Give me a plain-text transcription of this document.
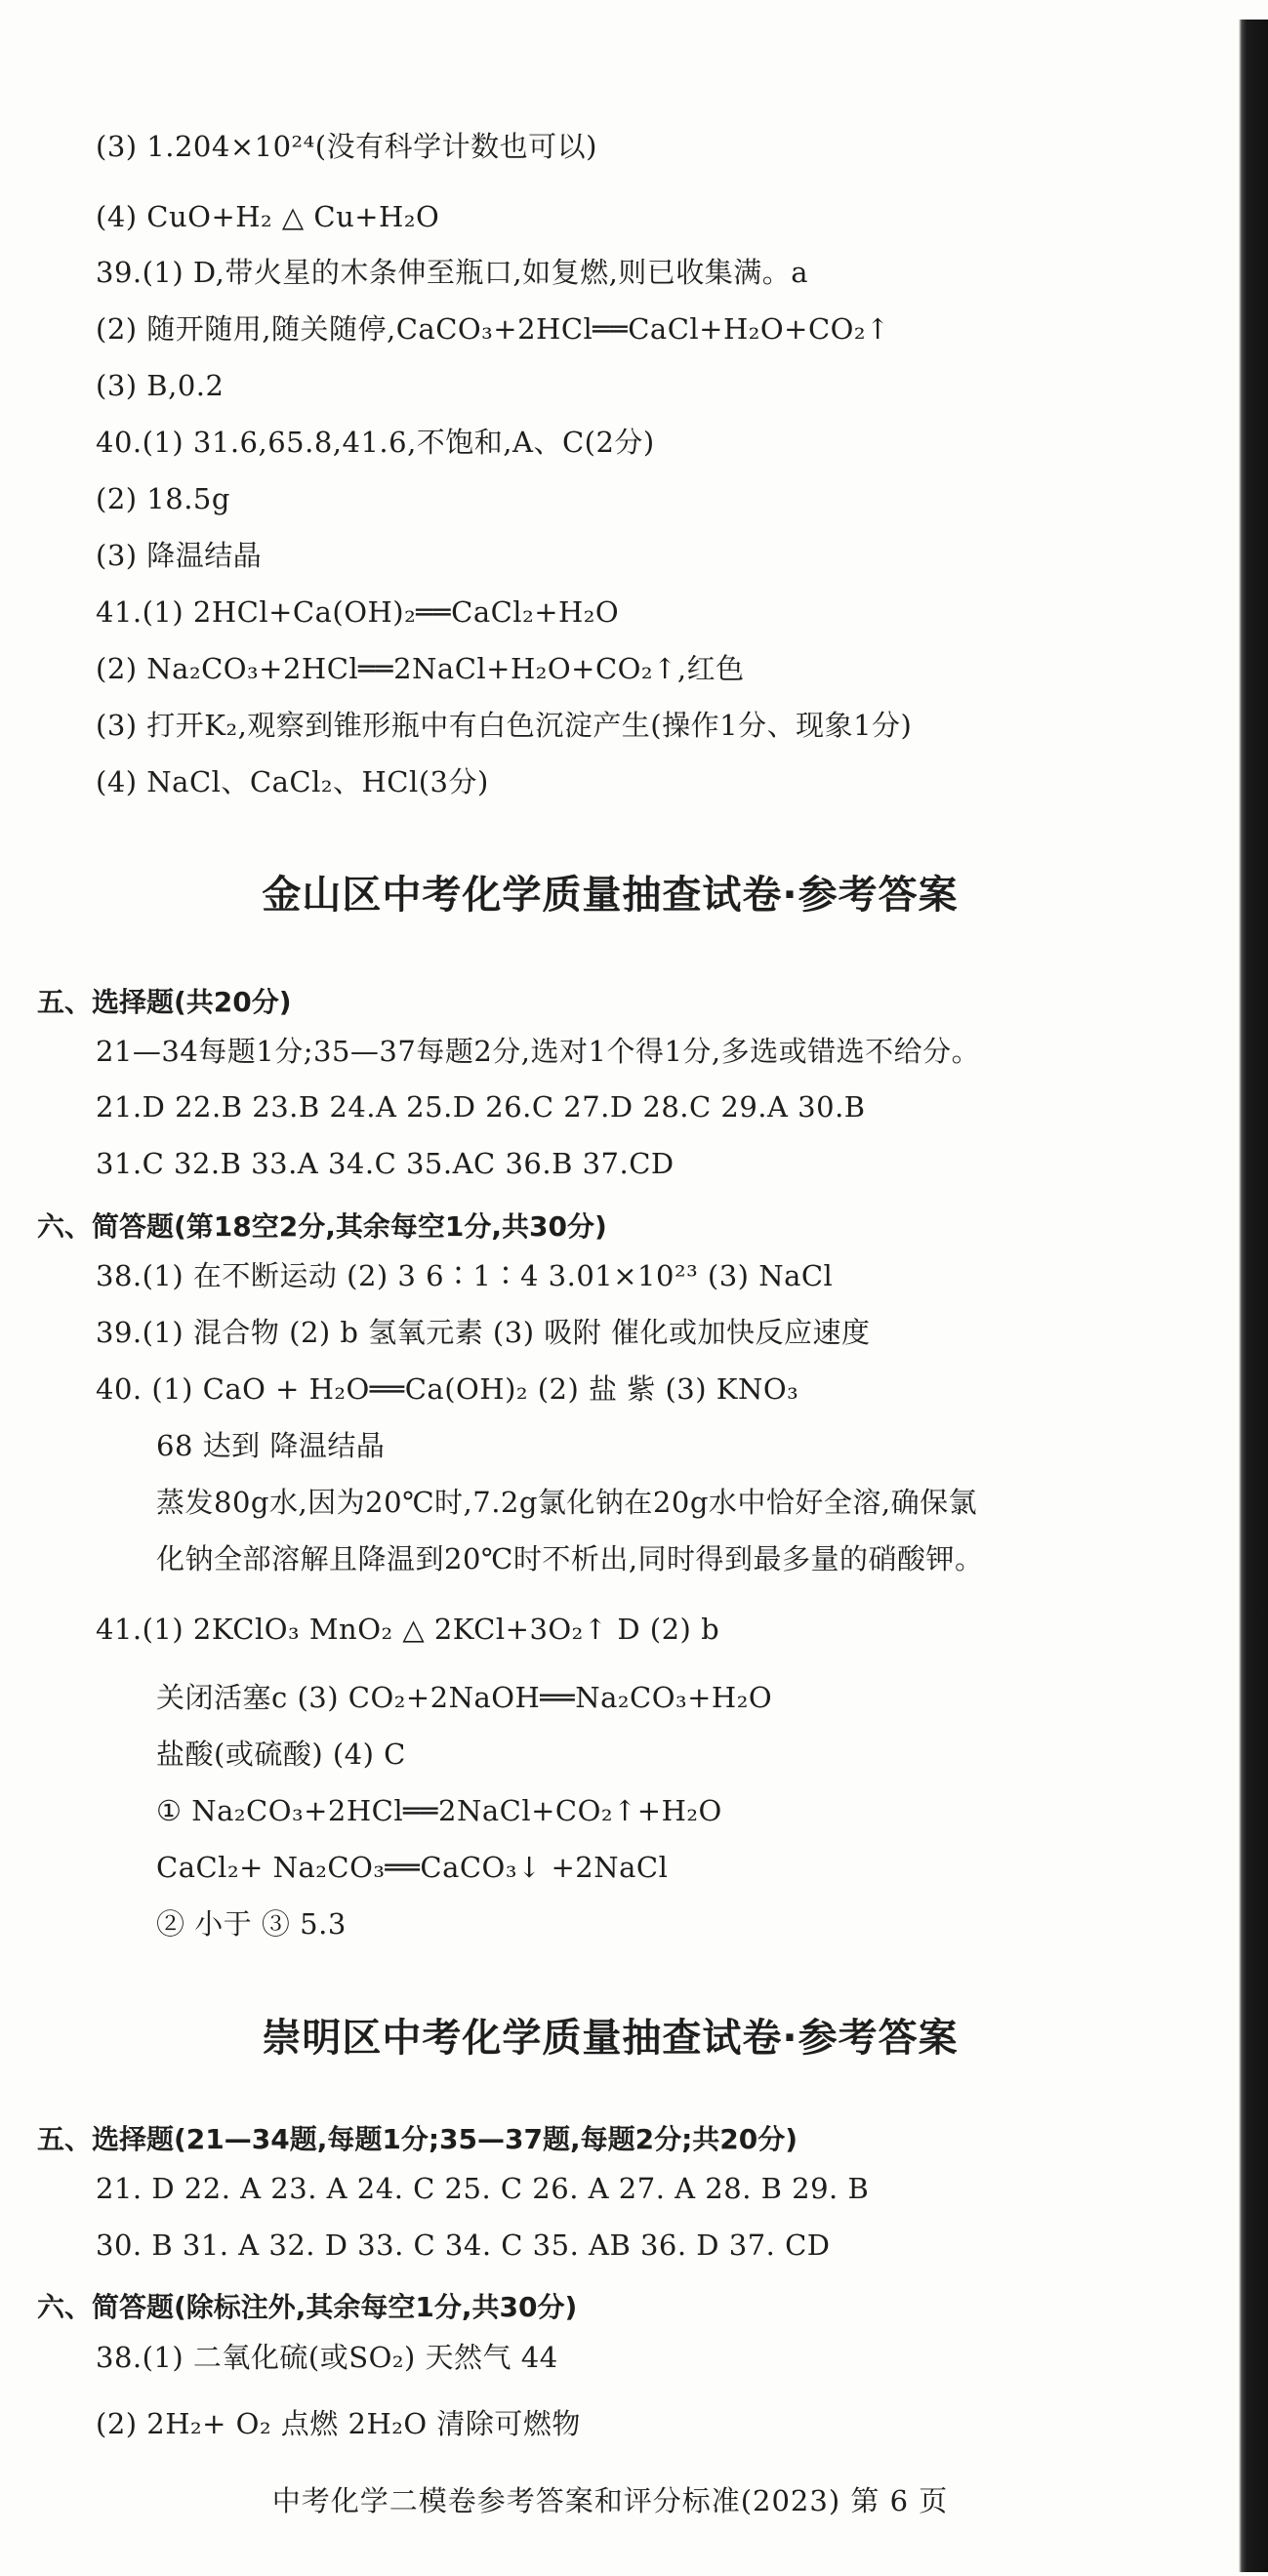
(3) 1.204×10²⁴(没有科学计数也可以)
(4) CuO+H₂ △ Cu+H₂O
39.(1) D,带火星的木条伸至瓶口,如复燃,则已收集满。a
(2) 随开随用,随关随停,CaCO₃+2HCl══CaCl+H₂O+CO₂↑
(3) B,0.2
40.(1) 31.6,65.8,41.6,不饱和,A、C(2分)
(2) 18.5g
(3) 降温结晶
41.(1) 2HCl+Ca(OH)₂══CaCl₂+H₂O
(2) Na₂CO₃+2HCl══2NaCl+H₂O+CO₂↑,红色
(3) 打开K₂,观察到锥形瓶中有白色沉淀产生(操作1分、现象1分)
(4) NaCl、CaCl₂、HCl(3分)
金山区中考化学质量抽查试卷·参考答案
五、选择题(共20分)
21—34每题1分;35—37每题2分,选对1个得1分,多选或错选不给分。
21.D 22.B 23.B 24.A 25.D 26.C 27.D 28.C 29.A 30.B
31.C 32.B 33.A 34.C 35.AC 36.B 37.CD
六、简答题(第18空2分,其余每空1分,共30分)
38.(1) 在不断运动 (2) 3 6∶1∶4 3.01×10²³ (3) NaCl
39.(1) 混合物 (2) b 氢氧元素 (3) 吸附 催化或加快反应速度
40. (1) CaO + H₂O══Ca(OH)₂ (2) 盐 紫 (3) KNO₃
68 达到 降温结晶
蒸发80g水,因为20℃时,7.2g氯化钠在20g水中恰好全溶,确保氯
化钠全部溶解且降温到20℃时不析出,同时得到最多量的硝酸钾。
41.(1) 2KClO₃ MnO₂ △ 2KCl+3O₂↑ D (2) b
关闭活塞c (3) CO₂+2NaOH══Na₂CO₃+H₂O
盐酸(或硫酸) (4) C
① Na₂CO₃+2HCl══2NaCl+CO₂↑+H₂O
CaCl₂+ Na₂CO₃══CaCO₃↓ +2NaCl
② 小于 ③ 5.3
崇明区中考化学质量抽查试卷·参考答案
五、选择题(21—34题,每题1分;35—37题,每题2分;共20分)
21. D 22. A 23. A 24. C 25. C 26. A 27. A 28. B 29. B
30. B 31. A 32. D 33. C 34. C 35. AB 36. D 37. CD
六、简答题(除标注外,其余每空1分,共30分)
38.(1) 二氧化硫(或SO₂) 天然气 44
(2) 2H₂+ O₂ 点燃 2H₂O 清除可燃物
中考化学二模卷参考答案和评分标准(2023) 第 6 页
